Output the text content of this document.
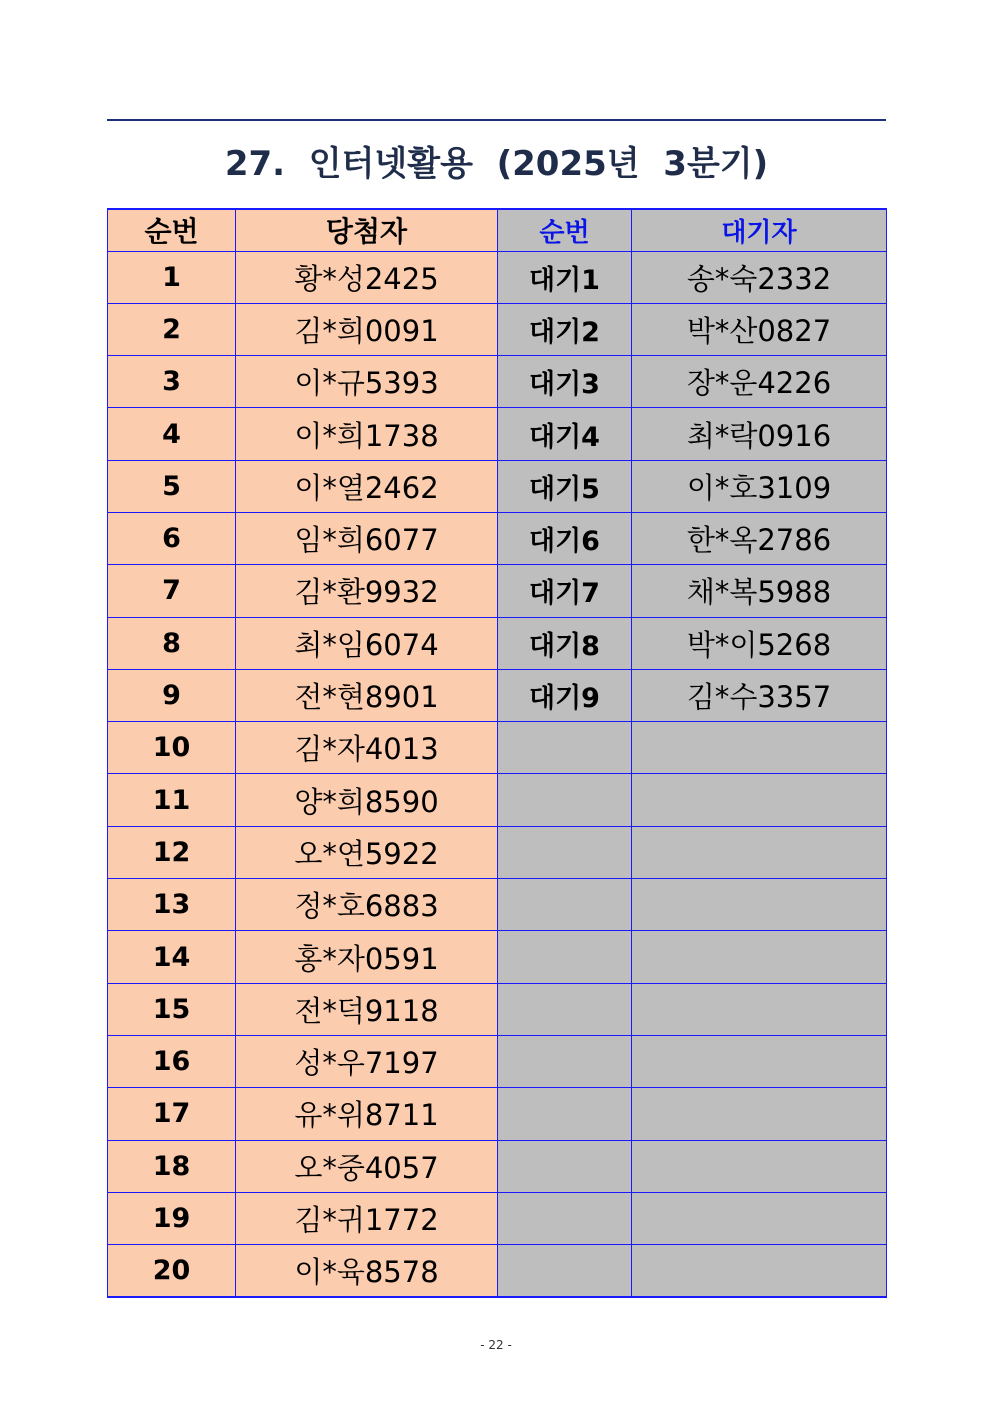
27.  인터넷활용  (2025년  3분기)
순번	당첨자	순번	대기자
1	황*성2425	대기1	송*숙2332
2	김*희0091	대기2	박*산0827
3	이*규5393	대기3	장*운4226
4	이*희1738	대기4	최*락0916
5	이*열2462	대기5	이*호3109
6	임*희6077	대기6	한*옥2786
7	김*환9932	대기7	채*복5988
8	최*임6074	대기8	박*이5268
9	전*현8901	대기9	김*수3357
10	김*자4013		
11	양*희8590		
12	오*연5922		
13	정*호6883		
14	홍*자0591		
15	전*덕9118		
16	성*우7197		
17	유*위8711		
18	오*중4057		
19	김*귀1772		
20	이*육8578		
- 22 -
